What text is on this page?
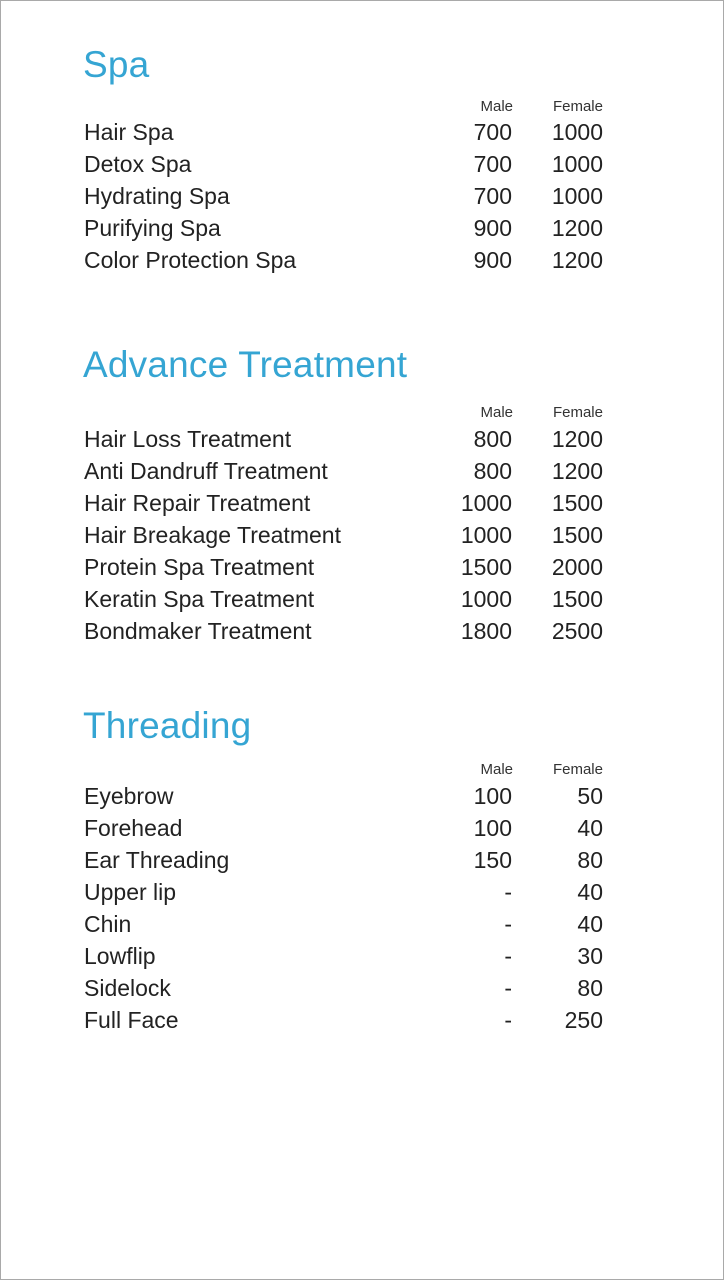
Spa
Male	Female
Hair Spa	700 1000
Detox Spa	700 1000
Hydrating Spa	700 1000
Purifying Spa	900 1200
Color Protection Spa	900 1200
Advance Treatment
Male	Female
Hair Loss Treatment	800 1200
Anti Dandruff Treatment	800 1200
Hair Repair Treatment	1000 1500
Hair Breakage Treatment	1000 1500
Protein Spa Treatment	1500 2000
Keratin Spa Treatment	1000 1500
Bondmaker Treatment	1800 2500
Threading
Male	Female
Eyebrow	100	50
Forehead	100	40
Ear Threading	150	80
Upper lip	-	40
Chin	-	40
Lowflip	-	30
Sidelock	-	80
Full Face	- 250
